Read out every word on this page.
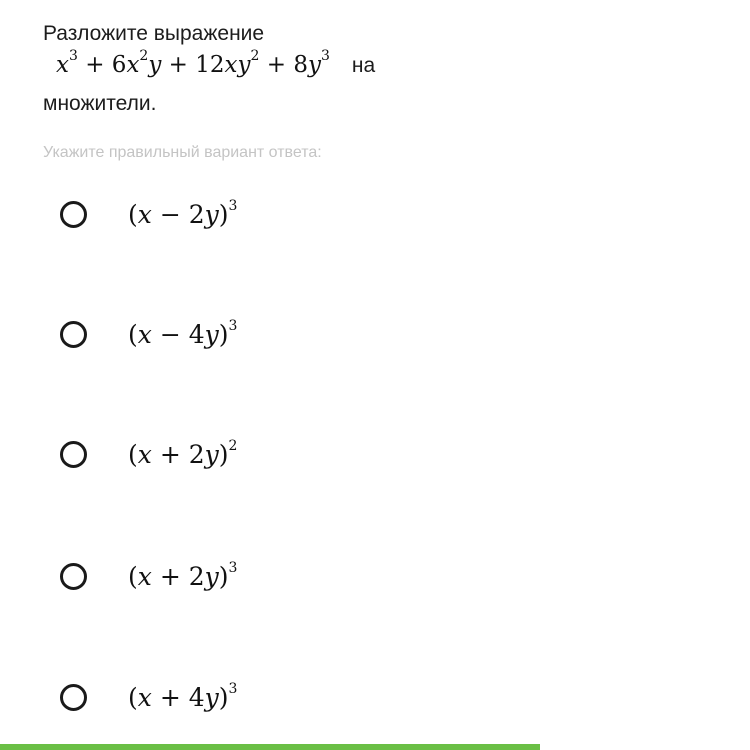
Разложите выражение
$x^3 + 6x^2y + 12xy^2 + 8y^3$ на
множители.
Укажите правильный вариант ответа:
$(x - 2y)^3$
$(x - 4y)^3$
$(x + 2y)^2$
$(x + 2y)^3$
$(x + 4y)^3$
